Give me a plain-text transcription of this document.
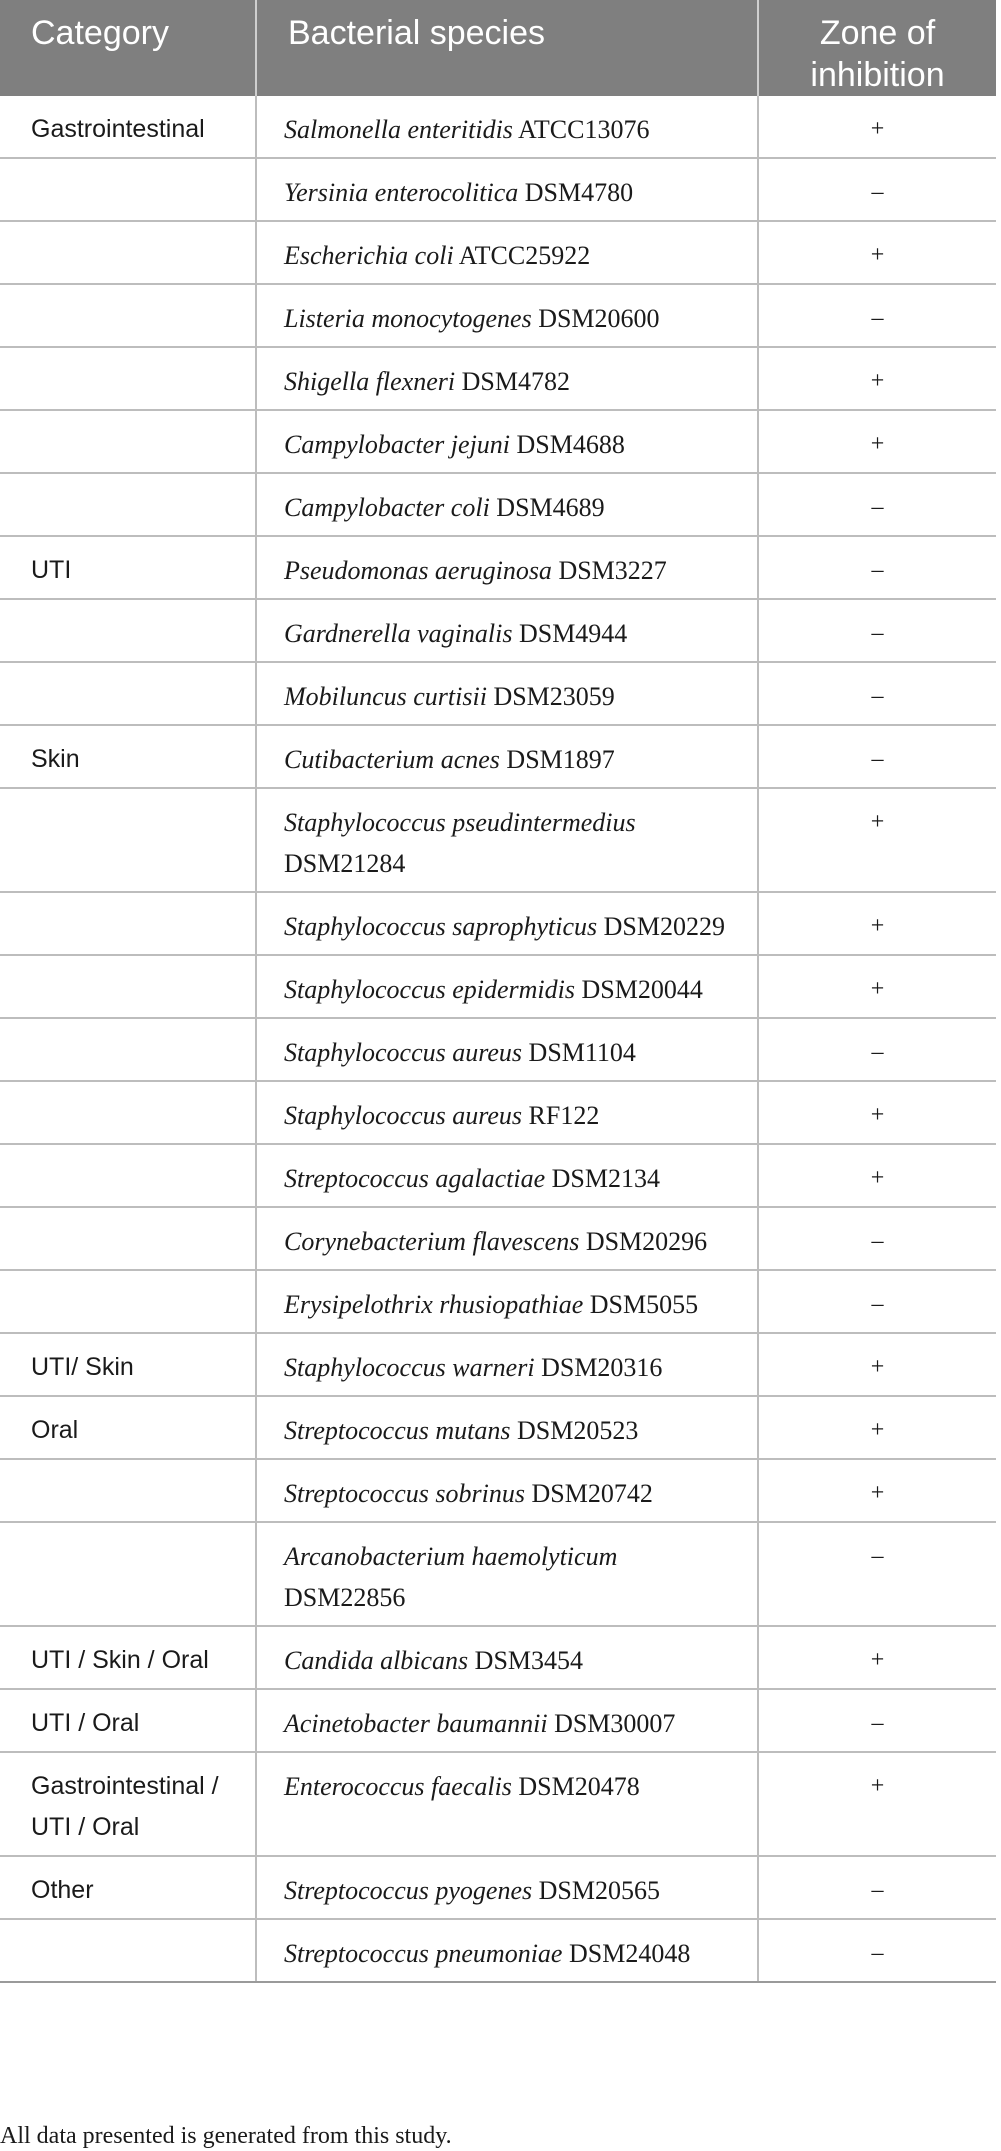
Category	Bacterial species	Zone of inhibition
Gastrointestinal	Salmonella enteritidis ATCC13076	+
	Yersinia enterocolitica DSM4780	–
	Escherichia coli ATCC25922	+
	Listeria monocytogenes DSM20600	–
	Shigella flexneri DSM4782	+
	Campylobacter jejuni DSM4688	+
	Campylobacter coli DSM4689	–
UTI	Pseudomonas aeruginosa DSM3227	–
	Gardnerella vaginalis DSM4944	–
	Mobiluncus curtisii DSM23059	–
Skin	Cutibacterium acnes DSM1897	–
	Staphylococcus pseudintermedius DSM21284	+
	Staphylococcus saprophyticus DSM20229	+
	Staphylococcus epidermidis DSM20044	+
	Staphylococcus aureus DSM1104	–
	Staphylococcus aureus RF122	+
	Streptococcus agalactiae DSM2134	+
	Corynebacterium flavescens DSM20296	–
	Erysipelothrix rhusiopathiae DSM5055	–
UTI/ Skin	Staphylococcus warneri DSM20316	+
Oral	Streptococcus mutans DSM20523	+
	Streptococcus sobrinus DSM20742	+
	Arcanobacterium haemolyticum DSM22856	–
UTI / Skin / Oral	Candida albicans DSM3454	+
UTI / Oral	Acinetobacter baumannii DSM30007	–
Gastrointestinal / UTI / Oral	Enterococcus faecalis DSM20478	+
Other	Streptococcus pyogenes DSM20565	–
	Streptococcus pneumoniae DSM24048	–
All data presented is generated from this study.
